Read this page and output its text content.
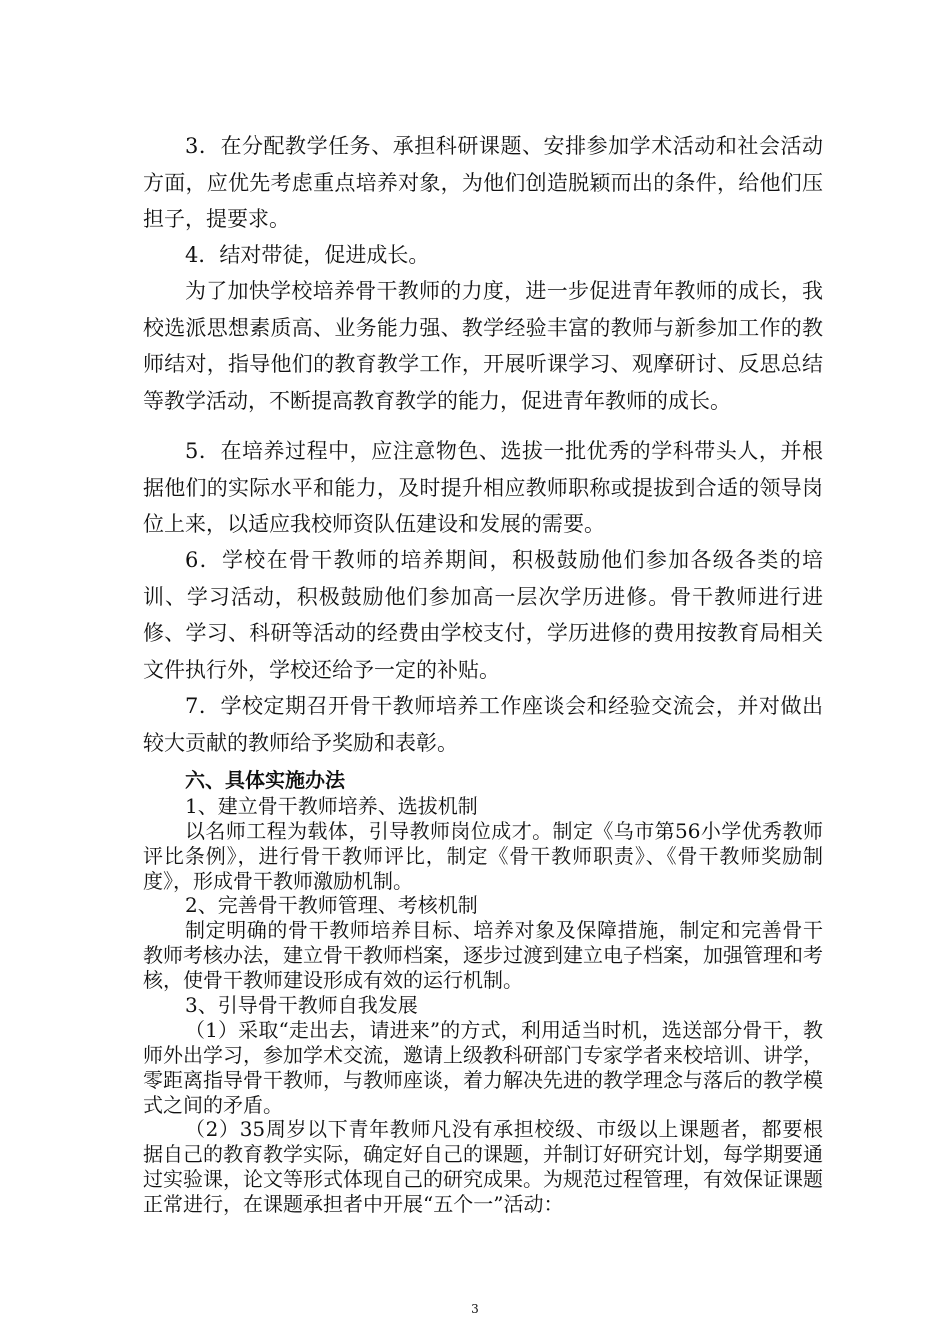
3．在分配教学任务、承担科研课题、安排参加学术活动和社会活动方面，应优先考虑重点培养对象，为他们创造脱颖而出的条件，给他们压担子，提要求。

4．结对带徒，促进成长。

为了加快学校培养骨干教师的力度，进一步促进青年教师的成长，我校选派思想素质高、业务能力强、教学经验丰富的教师与新参加工作的教师结对，指导他们的教育教学工作，开展听课学习、观摩研讨、反思总结等教学活动，不断提高教育教学的能力，促进青年教师的成长。

5．在培养过程中，应注意物色、选拔一批优秀的学科带头人，并根据他们的实际水平和能力，及时提升相应教师职称或提拔到合适的领导岗位上来，以适应我校师资队伍建设和发展的需要。

6．学校在骨干教师的培养期间，积极鼓励他们参加各级各类的培训、学习活动，积极鼓励他们参加高一层次学历进修。骨干教师进行进修、学习、科研等活动的经费由学校支付，学历进修的费用按教育局相关文件执行外，学校还给予一定的补贴。

7．学校定期召开骨干教师培养工作座谈会和经验交流会，并对做出较大贡献的教师给予奖励和表彰。

六、具体实施办法

1、建立骨干教师培养、选拔机制

以名师工程为载体，引导教师岗位成才。制定《乌市第56小学优秀教师评比条例》，进行骨干教师评比，制定《骨干教师职责》、《骨干教师奖励制度》，形成骨干教师激励机制。

2、完善骨干教师管理、考核机制

制定明确的骨干教师培养目标、培养对象及保障措施，制定和完善骨干教师考核办法，建立骨干教师档案，逐步过渡到建立电子档案，加强管理和考核，使骨干教师建设形成有效的运行机制。

3、引导骨干教师自我发展

（1）采取“走出去，请进来”的方式，利用适当时机，选送部分骨干，教师外出学习，参加学术交流，邀请上级教科研部门专家学者来校培训、讲学，零距离指导骨干教师，与教师座谈，着力解决先进的教学理念与落后的教学模式之间的矛盾。

（2）35周岁以下青年教师凡没有承担校级、市级以上课题者，都要根据自己的教育教学实际，确定好自己的课题，并制订好研究计划，每学期要通过实验课，论文等形式体现自己的研究成果。为规范过程管理，有效保证课题正常进行，在课题承担者中开展“五个一”活动：

3
